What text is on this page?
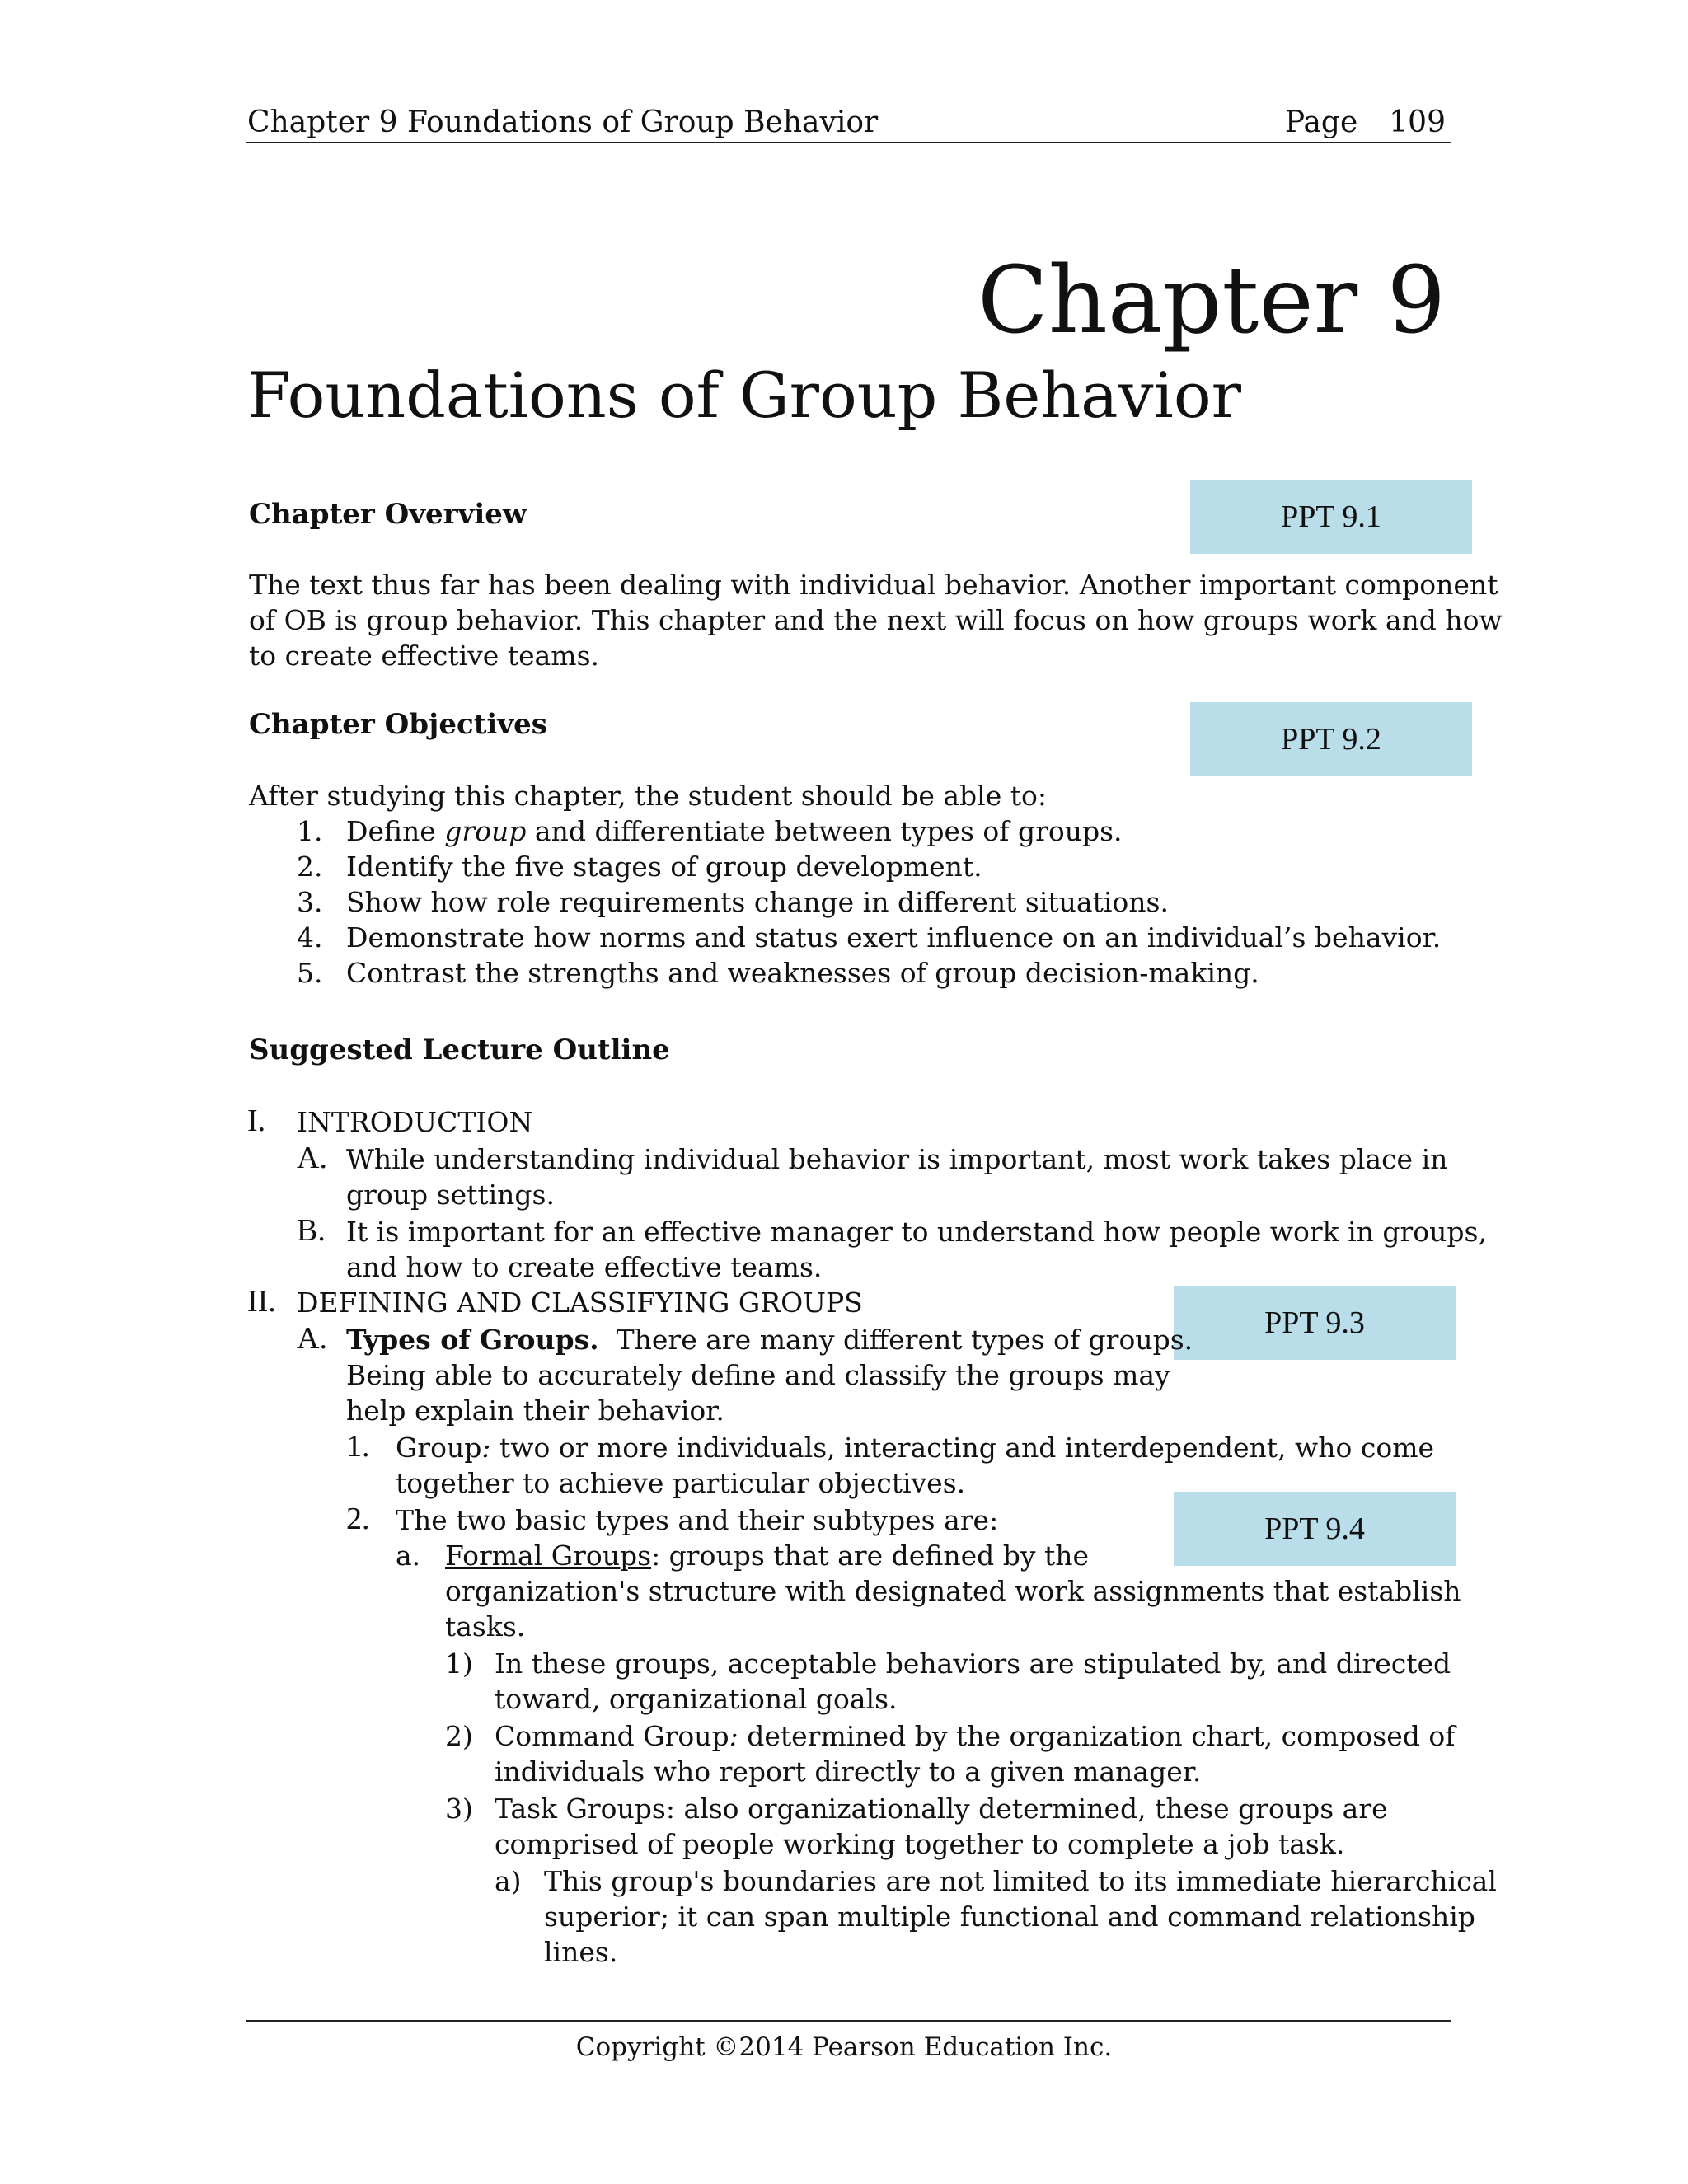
Chapter 9 Foundations of Group Behavior	Page 109
Chapter 9
Foundations of Group Behavior
PPT 9.1
PPT 9.2
PPT 9.3
PPT 9.4
Chapter Overview
The text thus far has been dealing with individual behavior. Another important component
of OB is group behavior. This chapter and the next will focus on how groups work and how
to create effective teams.
Chapter Objectives
After studying this chapter, the student should be able to:
1. Define group and differentiate between types of groups.
2. Identify the five stages of group development.
3. Show how role requirements change in different situations.
4. Demonstrate how norms and status exert influence on an individual’s behavior.
5. Contrast the strengths and weaknesses of group decision-making.
Suggested Lecture Outline
I. INTRODUCTION
A. While understanding individual behavior is important, most work takes place in
group settings.
B. It is important for an effective manager to understand how people work in groups,
and how to create effective teams.
II. DEFINING AND CLASSIFYING GROUPS
A. Types of Groups.  There are many different types of groups.
Being able to accurately define and classify the groups may
help explain their behavior.
1. Group: two or more individuals, interacting and interdependent, who come
together to achieve particular objectives.
2. The two basic types and their subtypes are:
a. Formal Groups: groups that are defined by the
organization's structure with designated work assignments that establish
tasks.
1) In these groups, acceptable behaviors are stipulated by, and directed
toward, organizational goals.
2) Command Group: determined by the organization chart, composed of
individuals who report directly to a given manager.
3) Task Groups: also organizationally determined, these groups are
comprised of people working together to complete a job task.
a) This group's boundaries are not limited to its immediate hierarchical
superior; it can span multiple functional and command relationship
lines.
Copyright ©2014 Pearson Education Inc.
